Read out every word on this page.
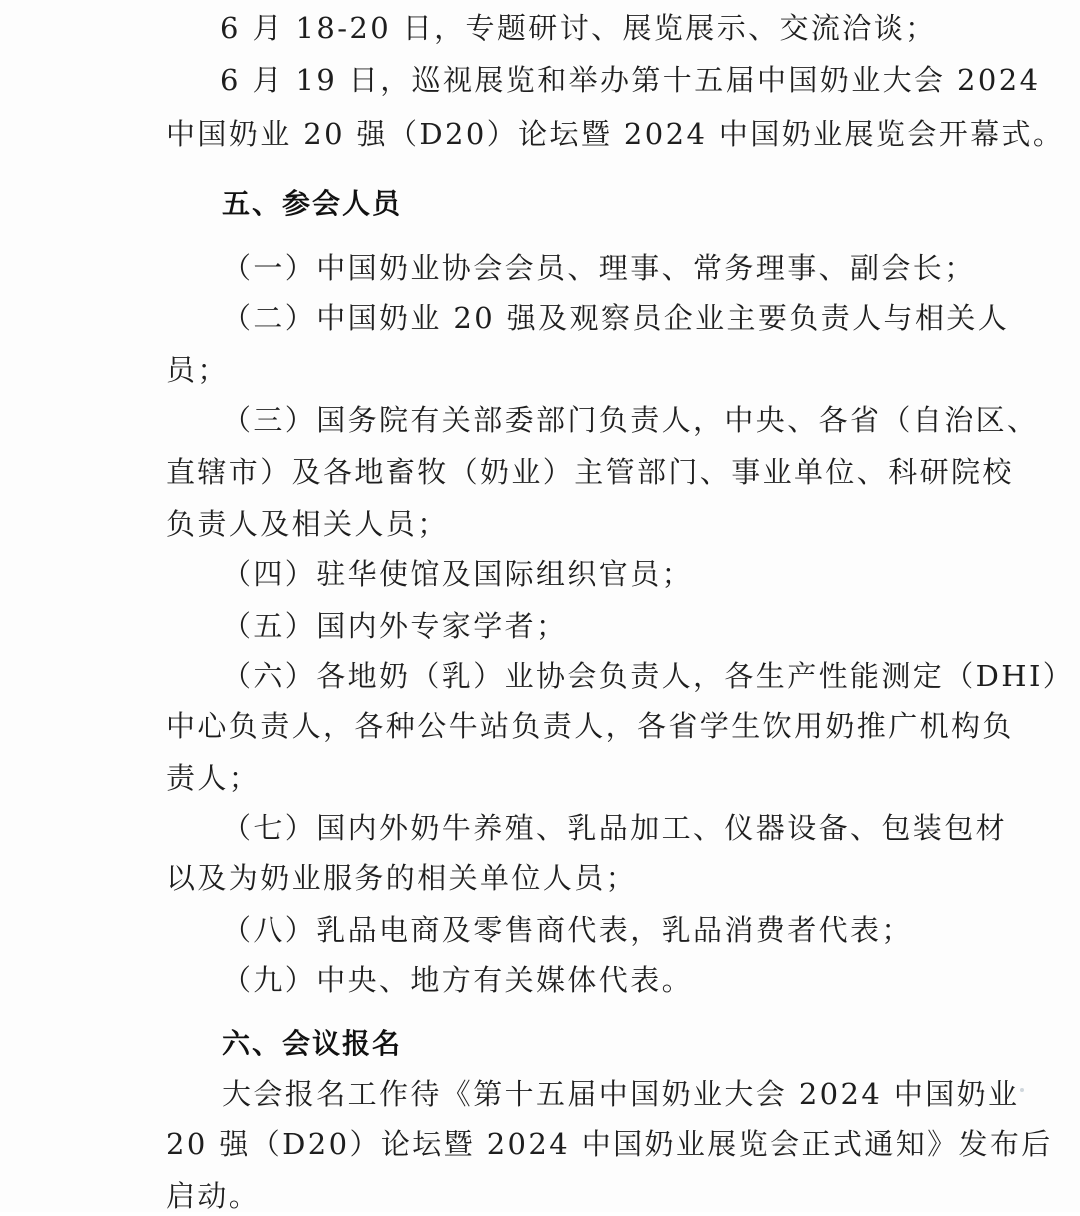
6 月 18-20 日，专题研讨、展览展示、交流洽谈；
6 月 19 日，巡视展览和举办第十五届中国奶业大会 2024
中国奶业 20 强（D20）论坛暨 2024 中国奶业展览会开幕式。
五、参会人员
（一）中国奶业协会会员、理事、常务理事、副会长；
（二）中国奶业 20 强及观察员企业主要负责人与相关人
员；
（三）国务院有关部委部门负责人，中央、各省（自治区、
直辖市）及各地畜牧（奶业）主管部门、事业单位、科研院校
负责人及相关人员；
（四）驻华使馆及国际组织官员；
（五）国内外专家学者；
（六）各地奶（乳）业协会负责人，各生产性能测定（DHI）
中心负责人，各种公牛站负责人，各省学生饮用奶推广机构负
责人；
（七）国内外奶牛养殖、乳品加工、仪器设备、包装包材
以及为奶业服务的相关单位人员；
（八）乳品电商及零售商代表，乳品消费者代表；
（九）中央、地方有关媒体代表。
六、会议报名
大会报名工作待《第十五届中国奶业大会 2024 中国奶业
20 强（D20）论坛暨 2024 中国奶业展览会正式通知》发布后
启动。
